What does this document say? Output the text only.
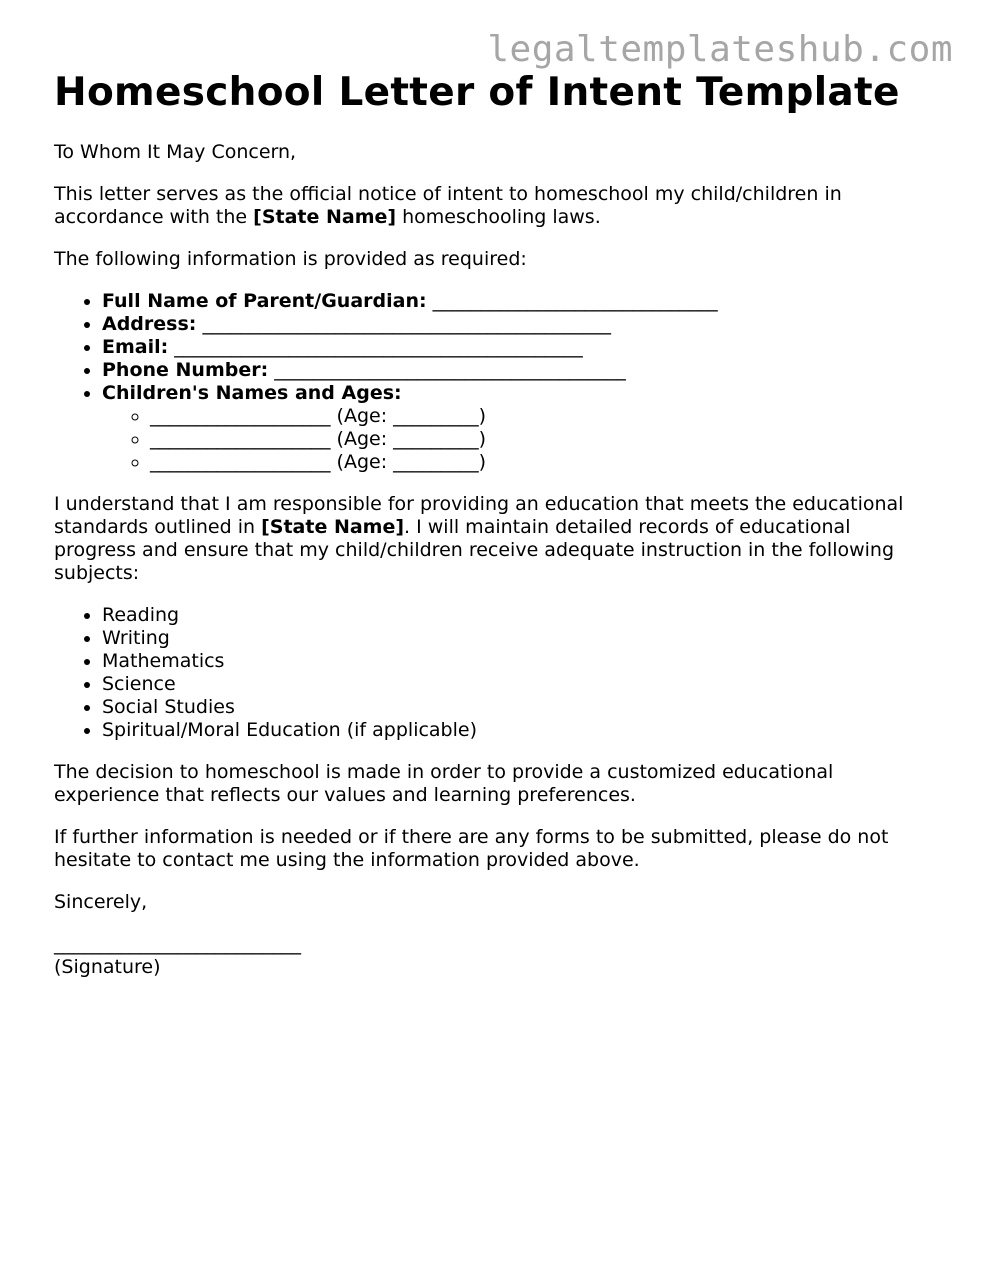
legaltemplateshub.com
Homeschool Letter of Intent Template

To Whom It May Concern,

This letter serves as the official notice of intent to homeschool my child/children in accordance with the [State Name] homeschooling laws.

The following information is provided as required:

• Full Name of Parent/Guardian: ______________________________
• Address: ___________________________________________
• Email: ___________________________________________
• Phone Number: _____________________________________
• Children's Names and Ages:
◦ ___________________ (Age: _________)
◦ ___________________ (Age: _________)
◦ ___________________ (Age: _________)

I understand that I am responsible for providing an education that meets the educational standards outlined in [State Name]. I will maintain detailed records of educational progress and ensure that my child/children receive adequate instruction in the following subjects:

• Reading
• Writing
• Mathematics
• Science
• Social Studies
• Spiritual/Moral Education (if applicable)

The decision to homeschool is made in order to provide a customized educational experience that reflects our values and learning preferences.

If further information is needed or if there are any forms to be submitted, please do not hesitate to contact me using the information provided above.

Sincerely,

__________________________

(Signature)
